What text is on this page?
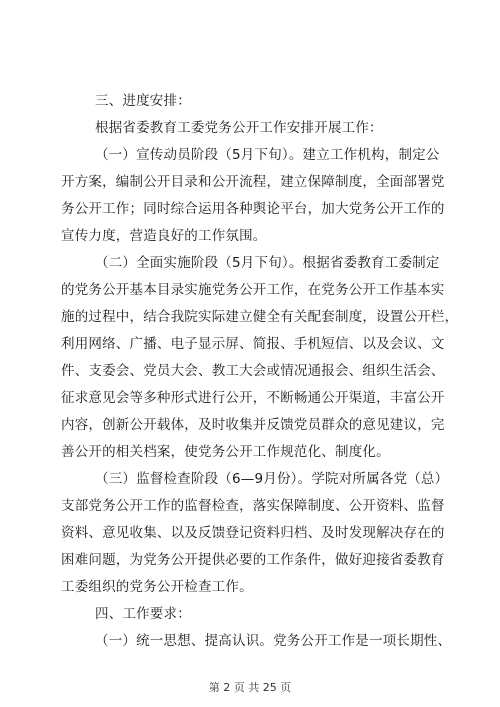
三、进度安排：
根据省委教育工委党务公开工作安排开展工作：
（一）宣传动员阶段（5月下旬）。建立工作机构，制定公
开方案，编制公开目录和公开流程，建立保障制度，全面部署党
务公开工作；同时综合运用各种舆论平台，加大党务公开工作的
宣传力度，营造良好的工作氛围。
（二）全面实施阶段（5月下旬）。根据省委教育工委制定
的党务公开基本目录实施党务公开工作，在党务公开工作基本实
施的过程中，结合我院实际建立健全有关配套制度，设置公开栏，
利用网络、广播、电子显示屏、简报、手机短信、以及会议、文
件、支委会、党员大会、教工大会或情况通报会、组织生活会、
征求意见会等多种形式进行公开，不断畅通公开渠道，丰富公开
内容，创新公开载体，及时收集并反馈党员群众的意见建议，完
善公开的相关档案，使党务公开工作规范化、制度化。
（三）监督检查阶段（6—9月份）。学院对所属各党（总）
支部党务公开工作的监督检查，落实保障制度、公开资料、监督
资料、意见收集、以及反馈登记资料归档、及时发现解决存在的
困难问题，为党务公开提供必要的工作条件，做好迎接省委教育
工委组织的党务公开检查工作。
四、工作要求：
（一）统一思想、提高认识。党务公开工作是一项长期性、
第 2 页 共 25 页
